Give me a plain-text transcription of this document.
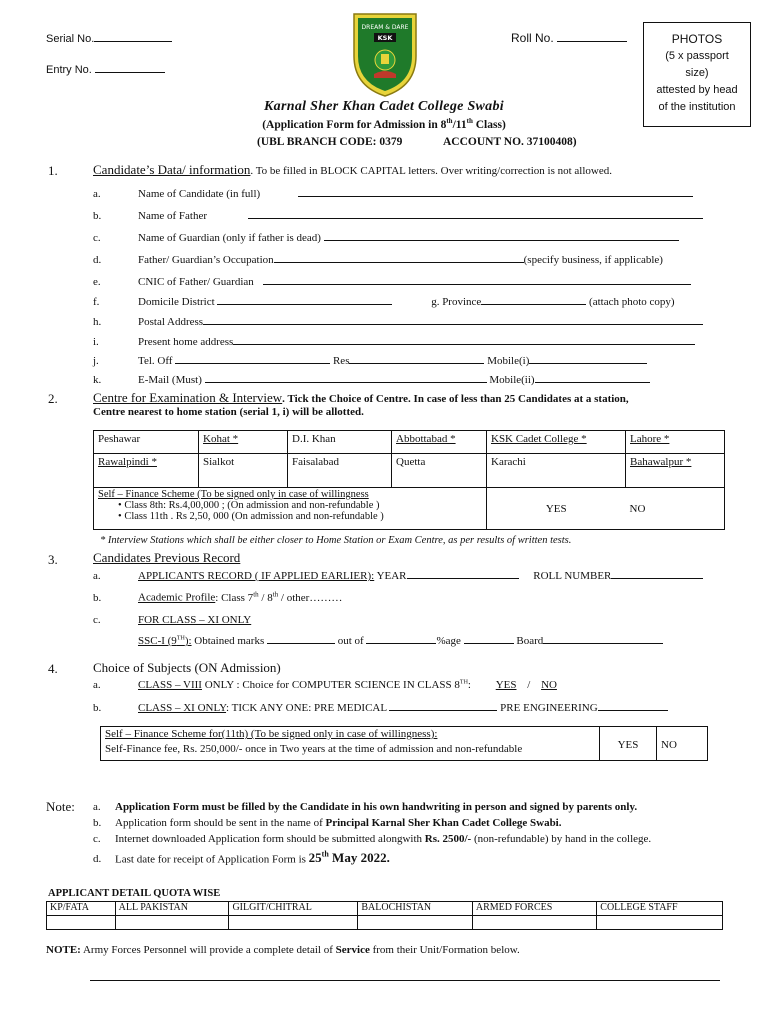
Serial No.
Entry No.
Roll No.	PHOTOS
(5 x passport
size)
attested by head
of the institution
DREAM & DARE
KSK
Karnal Sher Khan Cadet College Swabi
(Application Form for Admission in 8th/11th Class)
(UBL BRANCH CODE: 0379	ACCOUNT NO. 37100408)
1.	Candidate’s Data/ information. To be filled in BLOCK CAPITAL letters. Over writing/correction is not allowed.
a.	Name of Candidate (in full)
b.	Name of Father
c.	Name of Guardian (only if father is dead)
d.	Father/ Guardian’s Occupation	(specify business, if applicable)
e.	CNIC of Father/ Guardian
f.	Domicile District	g. Province	(attach photo copy)
h.	Postal Address
i.	Present home address
j.	Tel. Off	Res	Mobile(i)
k.	E-Mail (Must)	Mobile(ii)
2.	Centre for Examination & Interview. Tick the Choice of Centre. In case of less than 25 Candidates at a station,
Centre nearest to home station (serial 1, i) will be allotted.
Peshawar	Kohat *	D.I. Khan	Abbottabad *	KSK Cadet College *	Lahore *
Rawalpindi *	Sialkot	Faisalabad	Quetta	Karachi	Bahawalpur *

Self – Finance Scheme (To be signed only in case of willingness
• Class 8th: Rs.4,00,000 ; (On admission and non-refundable )
• Class 11th . Rs 2,50, 000 (On admission and non-refundable )				YES	NO
* Interview Stations which shall be either closer to Home Station or Exam Centre, as per results of written tests.
3.	Candidates Previous Record
a.	APPLICANTS RECORD ( IF APPLIED EARLIER): YEAR	ROLL NUMBER
b.	Academic Profile: Class 7th / 8th / other………
c.	FOR CLASS – XI ONLY
SSC-I (9TH): Obtained marks	out of	%age	Board
4.	Choice of Subjects (ON Admission)
a.	CLASS – VIII ONLY : Choice for COMPUTER SCIENCE IN CLASS 8TH: YES / NO
b.	CLASS – XI ONLY: TICK ANY ONE: PRE MEDICAL	PRE ENGINEERING
Self – Finance Scheme for(11th) (To be signed only in case of willingness):
Self-Finance fee, Rs. 250,000/- once in Two years at the time of admission and non-refundable	YES	NO
Note: a. Application Form must be filled by the Candidate in his own handwriting in person and signed by parents only.
b. Application form should be sent in the name of Principal Karnal Sher Khan Cadet College Swabi.
c.	Internet downloaded Application form should be submitted alongwith Rs. 2500/- (non-refundable) by hand in the college.
d. Last date for receipt of Application Form is 25th May 2022.
APPLICANT DETAIL QUOTA WISE
KP/FATA	ALL PAKISTAN	GILGIT/CHITRAL	BALOCHISTAN	ARMED FORCES	COLLEGE STAFF

NOTE: Army Forces Personnel will provide a complete detail of Service from their Unit/Formation below.
